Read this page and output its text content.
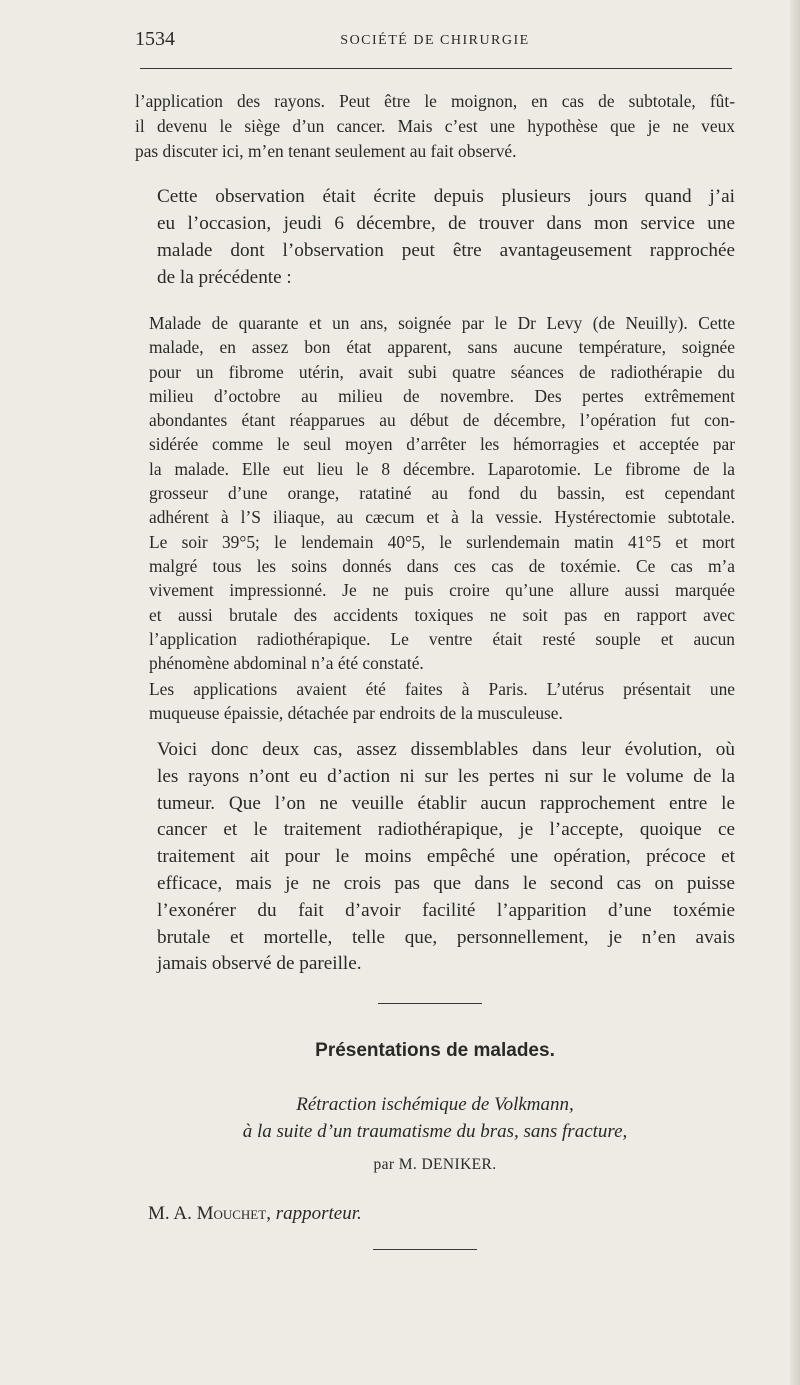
1534	SOCIÉTÉ DE CHIRURGIE
l’application des rayons. Peut être le moignon, en cas de subtotale, fût-
il devenu le siège d’un cancer. Mais c’est une hypothèse que je ne veux
pas discuter ici, m’en tenant seulement au fait observé.
Cette observation était écrite depuis plusieurs jours quand j’ai
eu l’occasion, jeudi 6 décembre, de trouver dans mon service une
malade dont l’observation peut être avantageusement rapprochée
de la précédente :
Malade de quarante et un ans, soignée par le Dr Levy (de Neuilly). Cette
malade, en assez bon état apparent, sans aucune température, soignée
pour un fibrome utérin, avait subi quatre séances de radiothérapie du
milieu d’octobre au milieu de novembre. Des pertes extrêmement
abondantes étant réapparues au début de décembre, l’opération fut con-
sidérée comme le seul moyen d’arrêter les hémorragies et acceptée par
la malade. Elle eut lieu le 8 décembre. Laparotomie. Le fibrome de la
grosseur d’une orange, ratatiné au fond du bassin, est cependant
adhérent à l’S iliaque, au cæcum et à la vessie. Hystérectomie subtotale.
Le soir 39°5; le lendemain 40°5, le surlendemain matin 41°5 et mort
malgré tous les soins donnés dans ces cas de toxémie. Ce cas m’a
vivement impressionné. Je ne puis croire qu’une allure aussi marquée
et aussi brutale des accidents toxiques ne soit pas en rapport avec
l’application radiothérapique. Le ventre était resté souple et aucun
phénomène abdominal n’a été constaté.
Les applications avaient été faites à Paris. L’utérus présentait une
muqueuse épaissie, détachée par endroits de la musculeuse.
Voici donc deux cas, assez dissemblables dans leur évolution, où
les rayons n’ont eu d’action ni sur les pertes ni sur le volume de la
tumeur. Que l’on ne veuille établir aucun rapprochement entre le
cancer et le traitement radiothérapique, je l’accepte, quoique ce
traitement ait pour le moins empêché une opération, précoce et
efficace, mais je ne crois pas que dans le second cas on puisse
l’exonérer du fait d’avoir facilité l’apparition d’une toxémie
brutale et mortelle, telle que, personnellement, je n’en avais
jamais observé de pareille.
Présentations de malades.
Rétraction ischémique de Volkmann,
à la suite d’un traumatisme du bras, sans fracture,
par M. DENIKER.
M. A. Mouchet, rapporteur.
